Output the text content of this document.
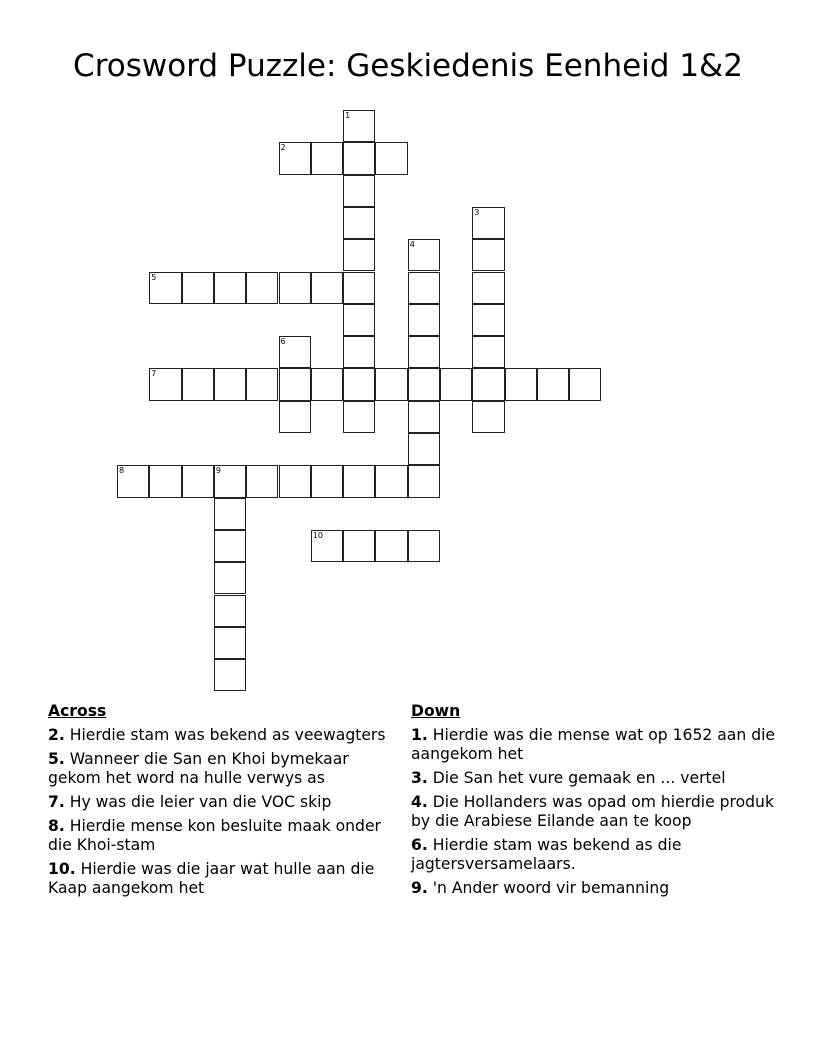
Crosword Puzzle: Geskiedenis Eenheid 1&2
1
2
3
4
5
6
7
8	9
10
Across
2. Hierdie stam was bekend as veewagters
5. Wanneer die San en Khoi bymekaar gekom het word na hulle verwys as
7. Hy was die leier van die VOC skip
8. Hierdie mense kon besluite maak onder die Khoi-stam
10. Hierdie was die jaar wat hulle aan die Kaap aangekom het
Down
1. Hierdie was die mense wat op 1652 aan die aangekom het
3. Die San het vure gemaak en ... vertel
4. Die Hollanders was opad om hierdie produk by die Arabiese Eilande aan te koop
6. Hierdie stam was bekend as die jagtersversamelaars.
9. 'n Ander woord vir bemanning
